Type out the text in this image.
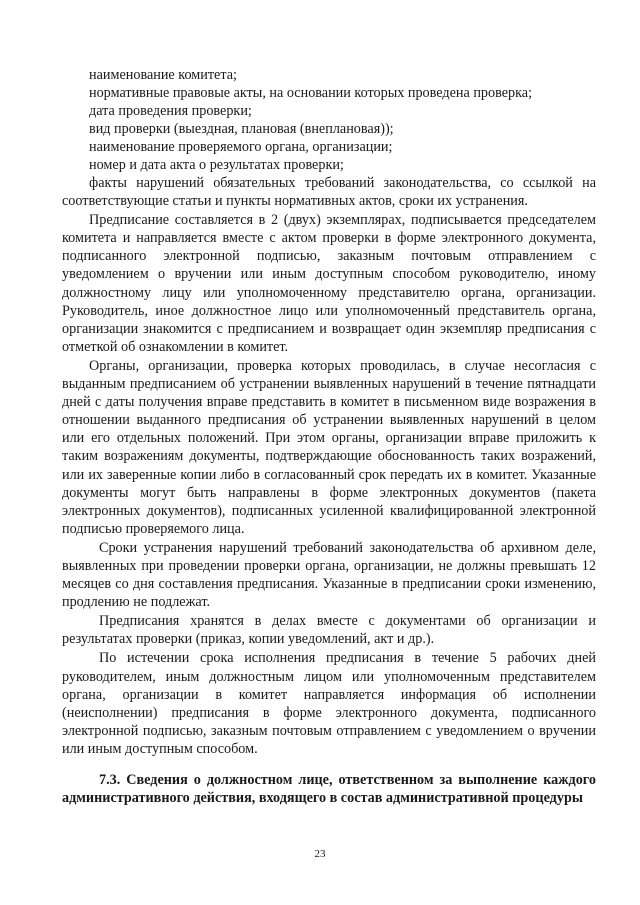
наименование комитета;
нормативные правовые акты, на основании которых проведена проверка;
дата проведения проверки;
вид проверки (выездная, плановая (внеплановая));
наименование проверяемого органа, организации;
номер и дата акта о результатах проверки;

факты нарушений обязательных требований законодательства, со ссылкой на соответствующие статьи и пункты нормативных актов, сроки их устранения.

Предписание составляется в 2 (двух) экземплярах, подписывается председателем комитета и направляется вместе с актом проверки в форме электронного документа, подписанного электронной подписью, заказным почтовым отправлением с уведомлением о вручении или иным доступным способом руководителю, иному должностному лицу или уполномоченному представителю органа, организации. Руководитель, иное должностное лицо или уполномоченный представитель органа, организации знакомится с предписанием и возвращает один экземпляр предписания с отметкой об ознакомлении в комитет.

Органы, организации, проверка которых проводилась, в случае несогласия с выданным предписанием об устранении выявленных нарушений в течение пятнадцати дней с даты получения вправе представить в комитет в письменном виде возражения в отношении выданного предписания об устранении выявленных нарушений в целом или его отдельных положений. При этом органы, организации вправе приложить к таким возражениям документы, подтверждающие обоснованность таких возражений, или их заверенные копии либо в согласованный срок передать их в комитет. Указанные документы могут быть направлены в форме электронных документов (пакета электронных документов), подписанных усиленной квалифицированной электронной подписью проверяемого лица.

Сроки устранения нарушений требований законодательства об архивном деле, выявленных при проведении проверки органа, организации, не должны превышать 12 месяцев со дня составления предписания. Указанные в предписании сроки изменению, продлению не подлежат.

Предписания хранятся в делах вместе с документами об организации и результатах проверки (приказ, копии уведомлений, акт и др.).

По истечении срока исполнения предписания в течение 5 рабочих дней руководителем, иным должностным лицом или уполномоченным представителем органа, организации в комитет направляется информация об исполнении (неисполнении) предписания в форме электронного документа, подписанного электронной подписью, заказным почтовым отправлением с уведомлением о вручении или иным доступным способом.

7.3. Сведения о должностном лице, ответственном за выполнение каждого административного действия, входящего в состав административной процедуры
23
